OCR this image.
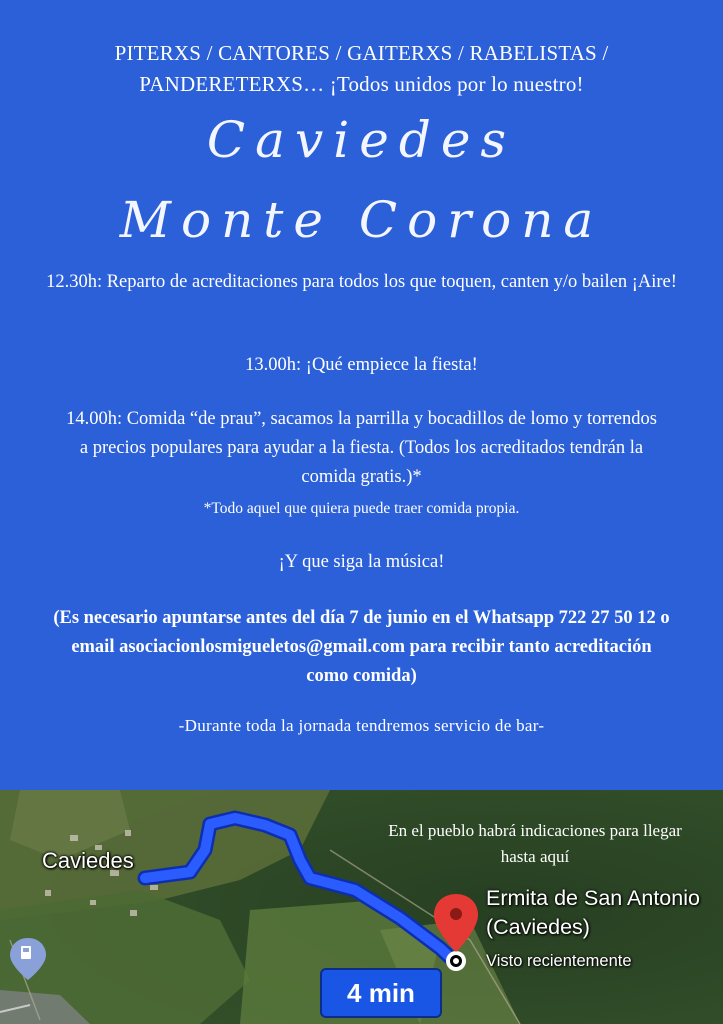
PITERXS / CANTORES / GAITERXS / RABELISTAS /
PANDERETERXS… ¡Todos unidos por lo nuestro!
Caviedes
Monte Corona
12.30h: Reparto de acreditaciones para todos los que toquen, canten y/o bailen ¡Aire!
13.00h: ¡Qué empiece la fiesta!
14.00h: Comida “de prau”, sacamos la parrilla y bocadillos de lomo y torrendos a precios populares para ayudar a la fiesta. (Todos los acreditados tendrán la comida gratis.)*
*Todo aquel que quiera puede traer comida propia.
¡Y que siga la música!
(Es necesario apuntarse antes del día 7 de junio en el Whatsapp 722 27 50 12 o email asociacionlosmigueletos@gmail.com para recibir tanto acreditación como comida)
-Durante toda la jornada tendremos servicio de bar-
En el pueblo habrá indicaciones para llegar hasta aquí
Caviedes
Ermita de San Antonio (Caviedes)
Visto recientemente
4 min
